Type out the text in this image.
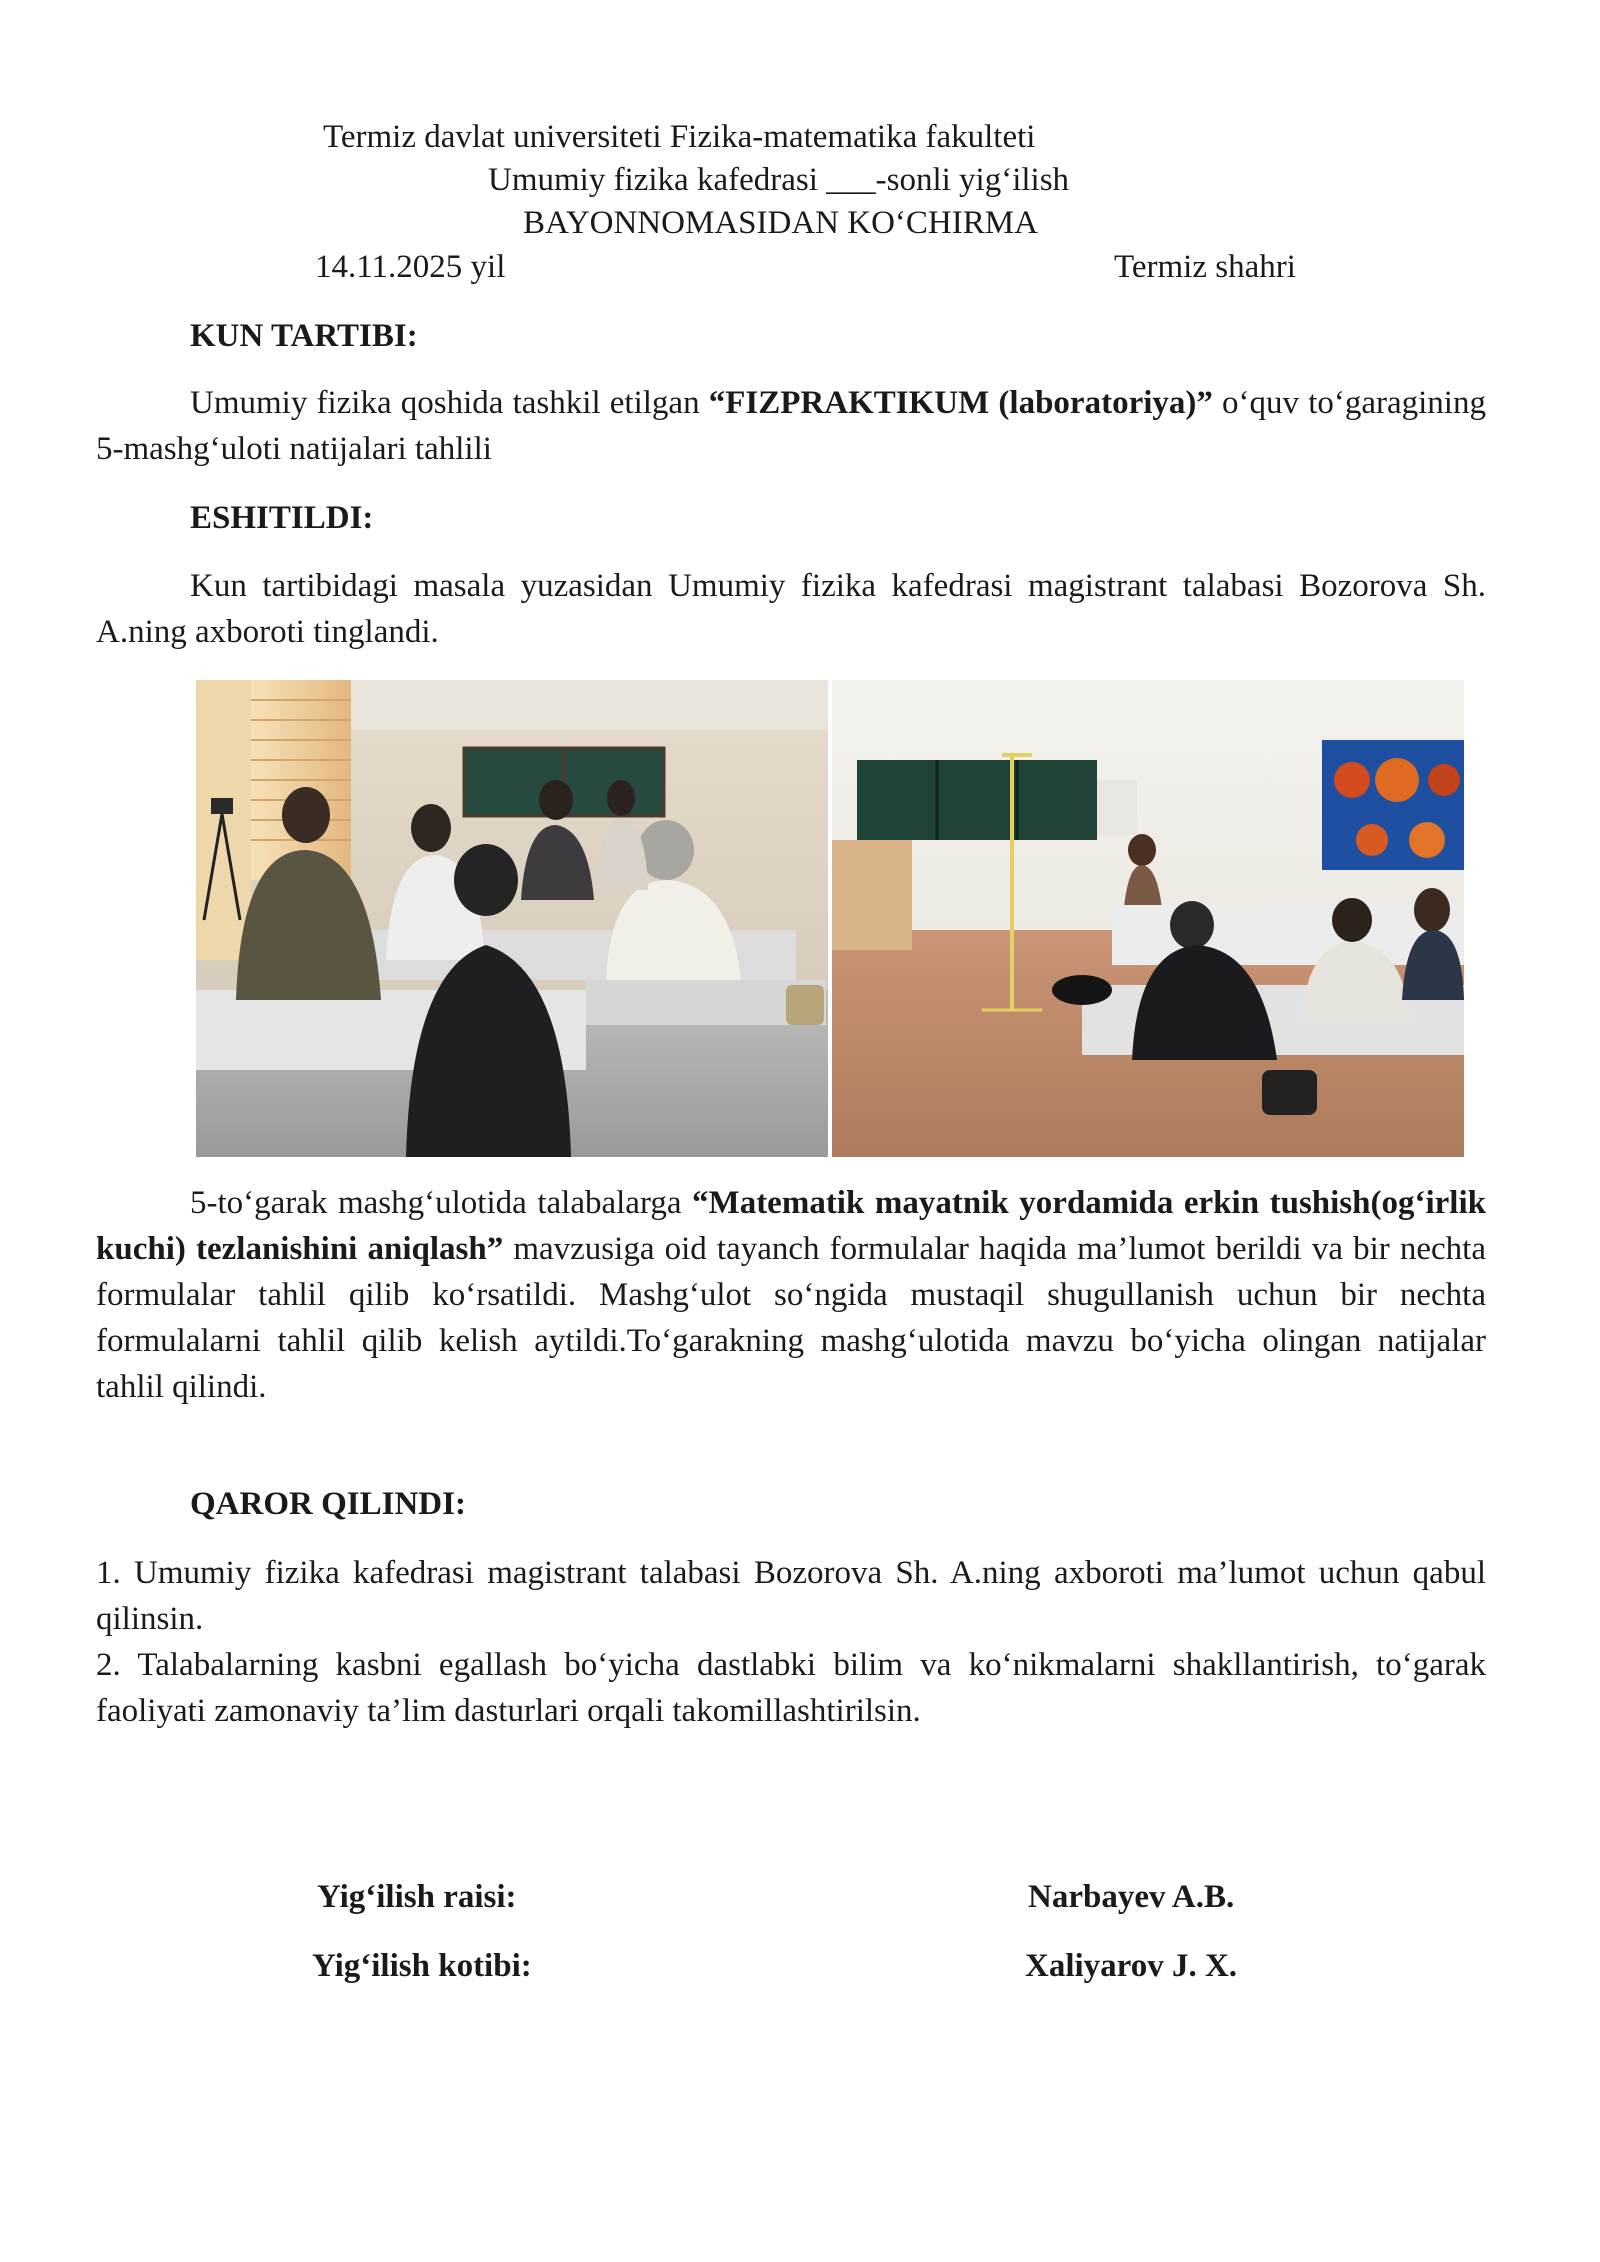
Termiz davlat universiteti Fizika-matematika fakulteti
Umumiy fizika kafedrasi ___-sonli yig‘ilish
BAYONNOMASIDAN KO‘CHIRMA
14.11.2025 yil	Termiz shahri
KUN TARTIBI:

Umumiy fizika qoshida tashkil etilgan “FIZPRAKTIKUM (laboratoriya)” o‘quv to‘garagining 5-mashg‘uloti natijalari tahlili

ESHITILDI:

Kun tartibidagi masala yuzasidan Umumiy fizika kafedrasi magistrant talabasi Bozorova Sh. A.ning axboroti tinglandi.

5-to‘garak mashg‘ulotida talabalarga “Matematik mayatnik yordamida erkin tushish(og‘irlik kuchi) tezlanishini aniqlash” mavzusiga oid tayanch formulalar haqida ma’lumot berildi va bir nechta formulalar tahlil qilib ko‘rsatildi. Mashg‘ulot so‘ngida mustaqil shugullanish uchun bir nechta formulalarni tahlil qilib kelish aytildi.To‘garakning mashg‘ulotida mavzu bo‘yicha olingan natijalar tahlil qilindi.

QAROR QILINDI:

1. Umumiy fizika kafedrasi magistrant talabasi Bozorova Sh. A.ning axboroti ma’lumot uchun qabul qilinsin.

2. Talabalarning kasbni egallash bo‘yicha dastlabki bilim va ko‘nikmalarni shakllantirish, to‘garak faoliyati zamonaviy ta’lim dasturlari orqali takomillashtirilsin.

Yig‘ilish raisi:	Narbayev A.B.
Yig‘ilish kotibi:	Xaliyarov J. X.
